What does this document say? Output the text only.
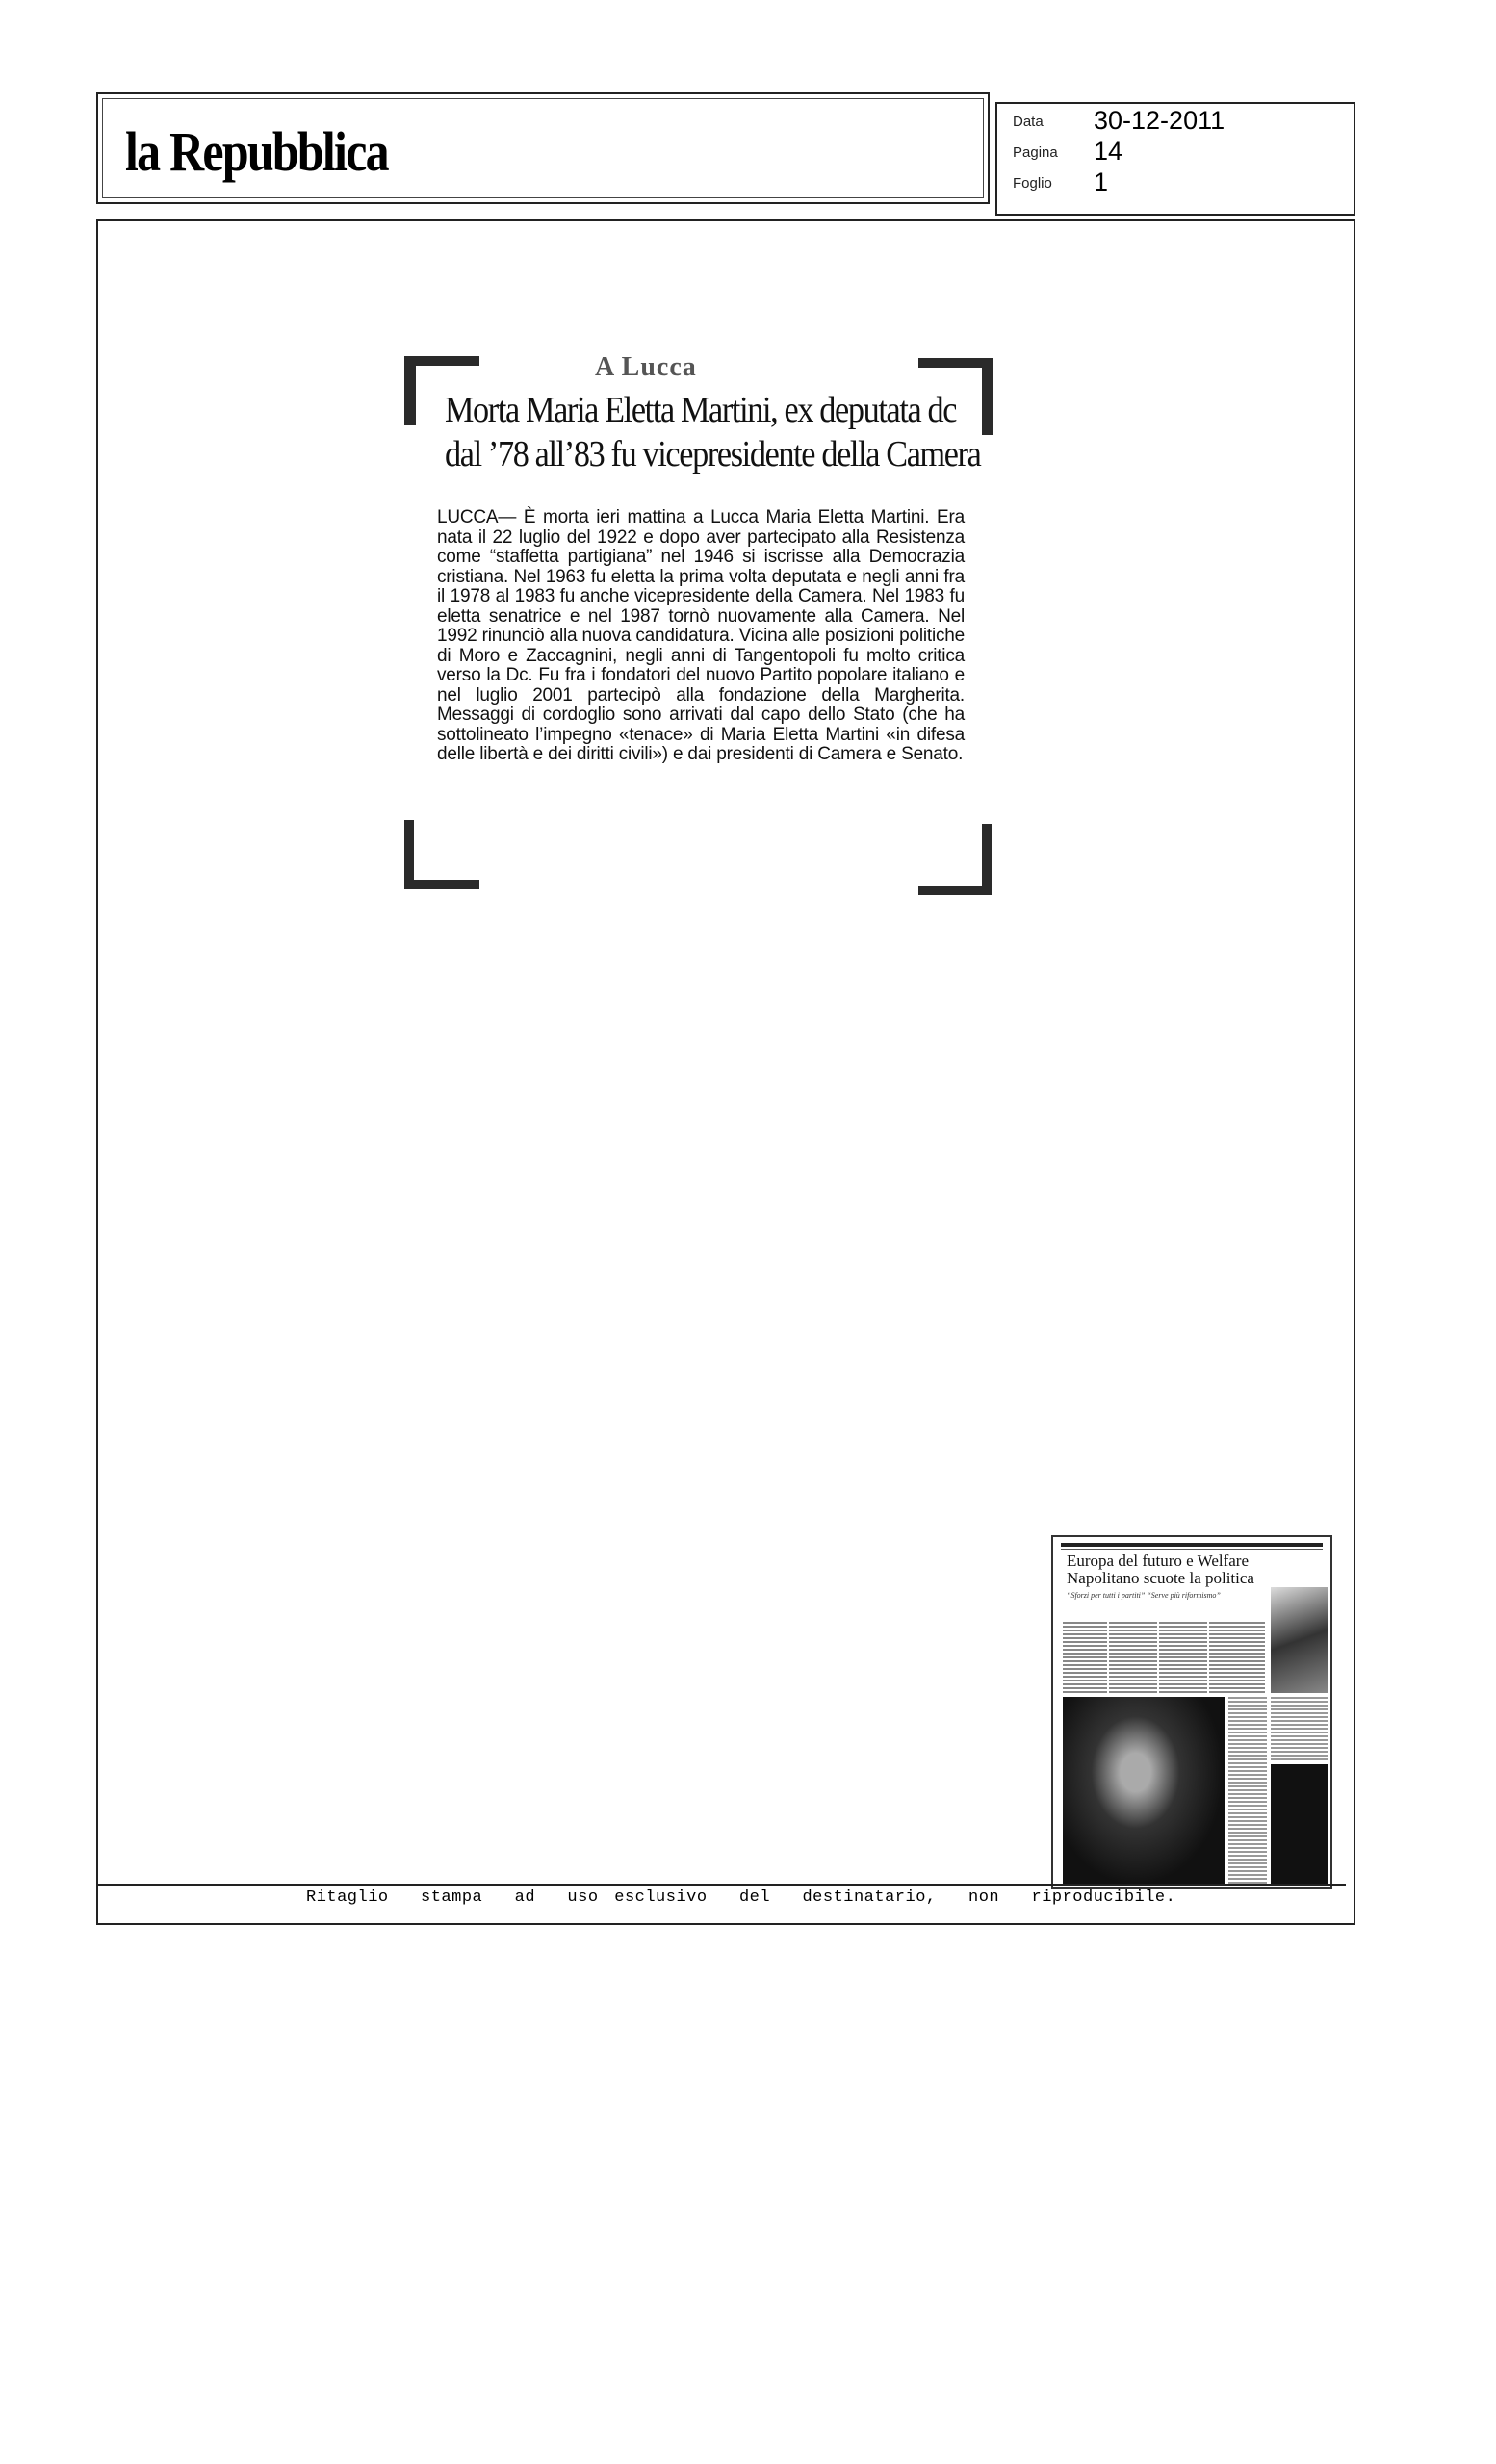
la Repubblica	Data 30-12-2011
Pagina 14
Foglio 1
A Lucca
Morta Maria Eletta Martini, ex deputata dc
dal ’78 all’83 fu vicepresidente della Camera
LUCCA— È morta ieri mattina a Lucca Maria Eletta Martini. Era nata il 22 luglio del 1922 e dopo aver partecipato alla Resistenza come “staffetta partigiana” nel 1946 si iscrisse alla Democrazia cristiana. Nel 1963 fu eletta la prima volta deputata e negli anni fra il 1978 al 1983 fu anche vicepresidente della Camera. Nel 1983 fu eletta senatrice e nel 1987 tornò nuovamente alla Camera. Nel 1992 rinunciò alla nuova candidatura. Vicina alle posizioni politiche di Moro e Zaccagnini, negli anni di Tangentopoli fu molto critica verso la Dc. Fu fra i fondatori del nuovo Partito popolare italiano e nel luglio 2001 partecipò alla fondazione della Margherita. Messaggi di cordoglio sono arrivati dal capo dello Stato (che ha sottolineato l’impegno «tenace» di Maria Eletta Martini «in difesa delle libertà e dei diritti civili») e dai presidenti di Camera e Senato.
Europa del futuro e Welfare
Napolitano scuote la politica
“Sforzi per tutti i partiti” “Serve più riformismo”
Ritaglio  stampa  ad  uso esclusivo  del  destinatario,  non  riproducibile.
